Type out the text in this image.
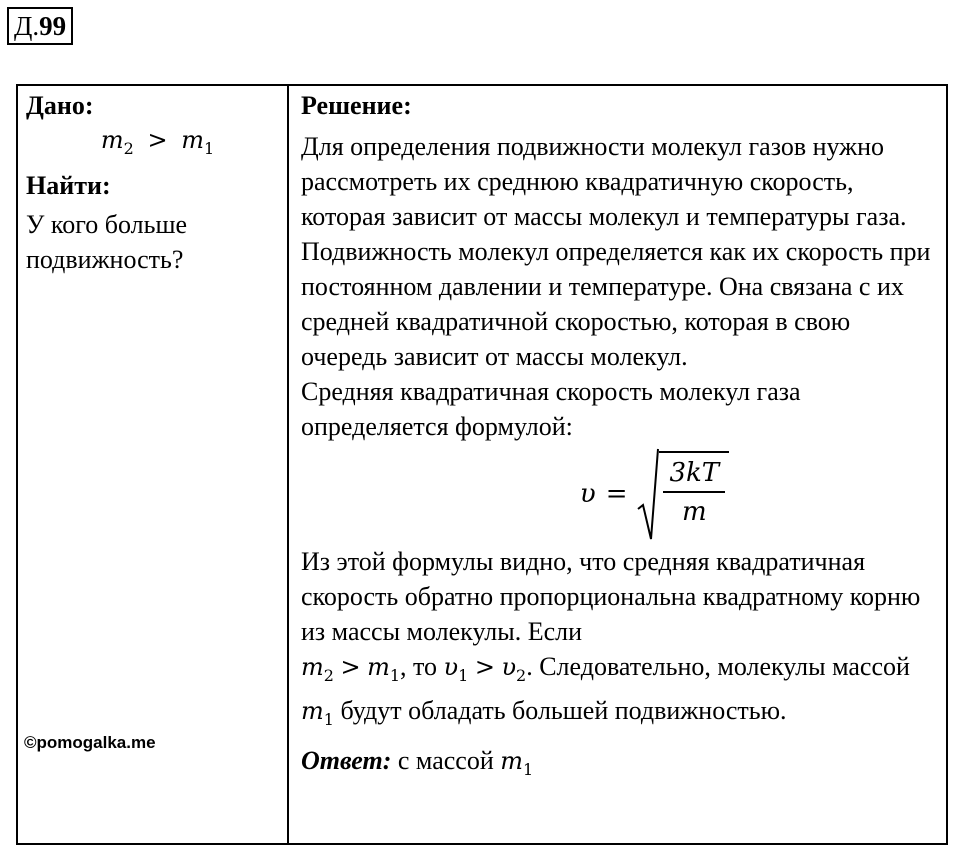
Д.99
Дано:
$m_2 > m_1$
Найти:
У кого больше подвижность?
©pomogalka.me

Решение:
Для определения подвижности молекул газов нужно рассмотреть их среднюю квадратичную скорость, которая зависит от массы молекул и температуры газа. Подвижность молекул определяется как их скорость при постоянном давлении и температуре. Она связана с их средней квадратичной скоростью, которая в свою очередь зависит от массы молекул.
Средняя квадратичная скорость молекул газа определяется формулой:
$\upsilon = \frac{3kT}{m}$
Из этой формулы видно, что средняя квадратичная скорость обратно пропорциональна квадратному корню из массы молекулы. Если
$m_2 > m_1$, то $\upsilon_1 > \upsilon_2$. Следовательно, молекулы массой $m_1$ будут обладать большей подвижностью.
Ответ: с массой $m_1$
